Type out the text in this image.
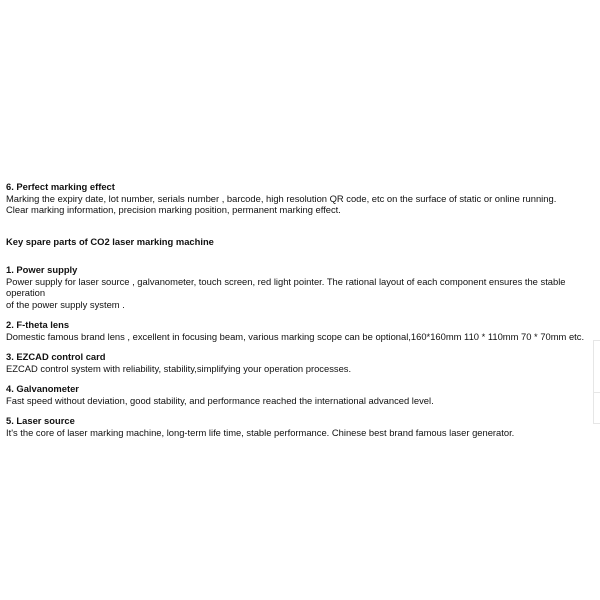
6. Perfect marking effect

Marking the expiry date, lot number, serials number , barcode, high resolution QR code, etc on the surface of static or online running.

Clear marking information, precision marking position, permanent marking effect.

Key spare parts of CO2 laser marking machine

1. Power supply

Power supply for laser source , galvanometer, touch screen, red light pointer. The rational layout of each component ensures the stable operation

of the power supply system .

2. F-theta lens

Domestic famous brand lens , excellent in focusing beam, various marking scope can be optional,160*160mm 110 * 110mm 70 * 70mm etc.

3. EZCAD control card

EZCAD control system with reliability, stability,simplifying your operation processes.

4. Galvanometer

Fast speed without deviation, good stability, and performance reached the international advanced level.

5. Laser source

It's the core of laser marking machine, long-term life time, stable performance. Chinese best brand famous laser generator.
